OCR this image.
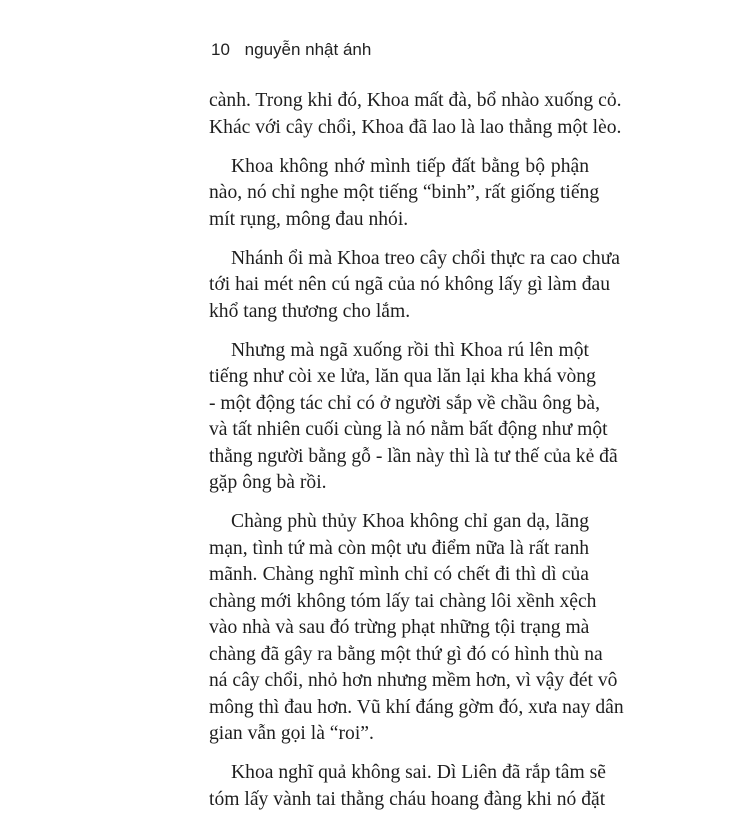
10 nguyễn nhật ánh

cành. Trong khi đó, Khoa mất đà, bổ nhào xuống cỏ.
Khác với cây chổi, Khoa đã lao là lao thẳng một lèo.

Khoa không nhớ mình tiếp đất bằng bộ phận
nào, nó chỉ nghe một tiếng “binh”, rất giống tiếng
mít rụng, mông đau nhói.

Nhánh ổi mà Khoa treo cây chổi thực ra cao chưa
tới hai mét nên cú ngã của nó không lấy gì làm đau
khổ tang thương cho lắm.

Nhưng mà ngã xuống rồi thì Khoa rú lên một
tiếng như còi xe lửa, lăn qua lăn lại kha khá vòng
- một động tác chỉ có ở người sắp về chầu ông bà,
và tất nhiên cuối cùng là nó nằm bất động như một
thằng người bằng gỗ - lần này thì là tư thế của kẻ đã
gặp ông bà rồi.

Chàng phù thủy Khoa không chỉ gan dạ, lãng
mạn, tình tứ mà còn một ưu điểm nữa là rất ranh
mãnh. Chàng nghĩ mình chỉ có chết đi thì dì của
chàng mới không tóm lấy tai chàng lôi xềnh xệch
vào nhà và sau đó trừng phạt những tội trạng mà
chàng đã gây ra bằng một thứ gì đó có hình thù na
ná cây chổi, nhỏ hơn nhưng mềm hơn, vì vậy đét vô
mông thì đau hơn. Vũ khí đáng gờm đó, xưa nay dân
gian vẫn gọi là “roi”.

Khoa nghĩ quả không sai. Dì Liên đã rắp tâm sẽ
tóm lấy vành tai thằng cháu hoang đàng khi nó đặt
